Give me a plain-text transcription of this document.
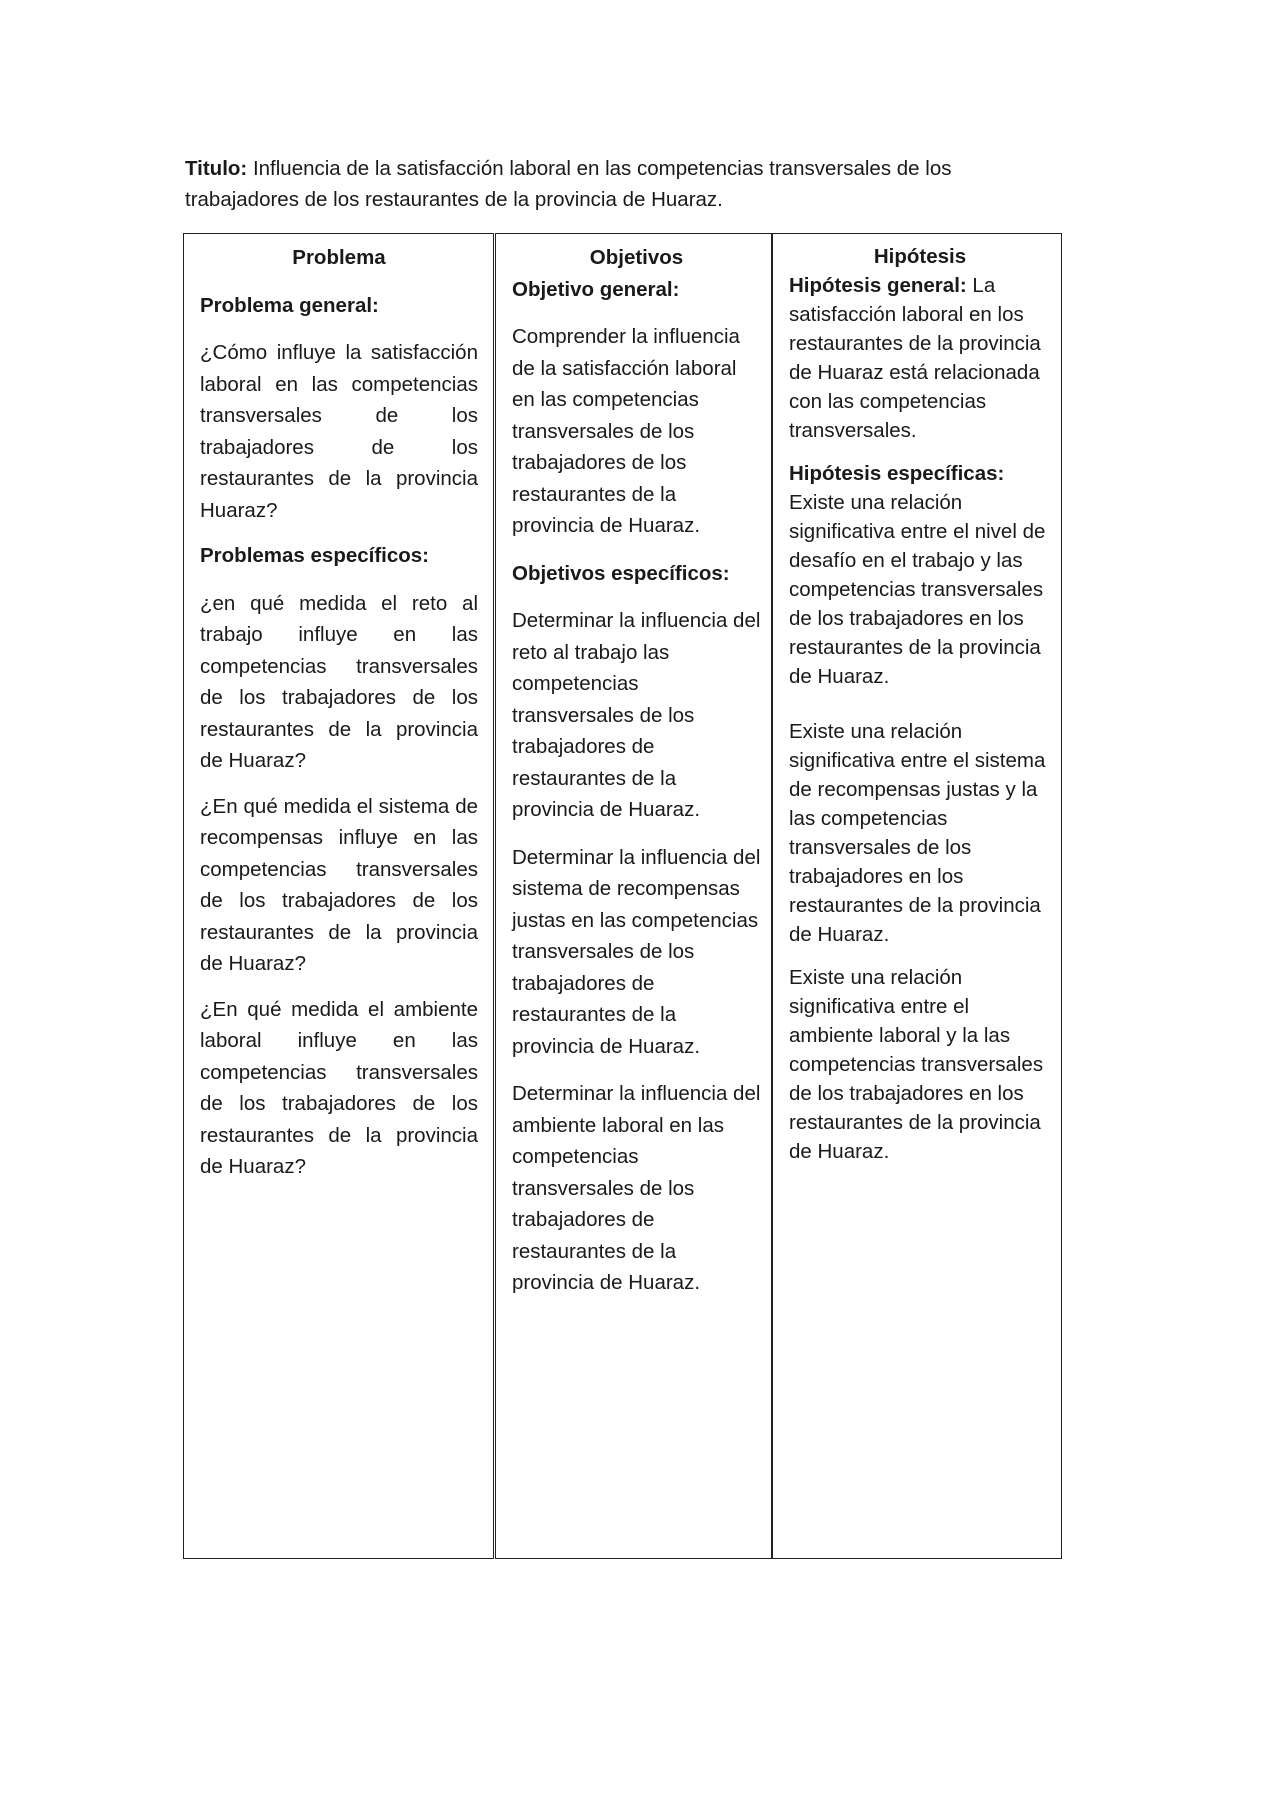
Titulo: Influencia de la satisfacción laboral en las competencias transversales de los trabajadores de los restaurantes de la provincia de Huaraz.

Problema

Problema general:

¿Cómo influye la satisfacción laboral en las competencias transversales de los trabajadores de los restaurantes de la provincia Huaraz?

Problemas específicos:

¿en qué medida el reto al trabajo influye en las competencias transversales de los trabajadores de los restaurantes de la provincia de Huaraz?

¿En qué medida el sistema de recompensas influye en las competencias transversales de los trabajadores de los restaurantes de la provincia de Huaraz?

¿En qué medida el ambiente laboral influye en las competencias transversales de los trabajadores de los restaurantes de la provincia de Huaraz?

Objetivos

Objetivo general:

Comprender la influencia de la satisfacción laboral en las competencias transversales de los trabajadores de los restaurantes de la provincia de Huaraz.

Objetivos específicos:

Determinar la influencia del reto al trabajo las competencias transversales de los trabajadores de restaurantes de la provincia de Huaraz.

Determinar la influencia del sistema de recompensas justas en las competencias transversales de los trabajadores de restaurantes de la provincia de Huaraz.

Determinar la influencia del ambiente laboral en las competencias transversales de los trabajadores de restaurantes de la provincia de Huaraz.

Hipótesis

Hipótesis general: La satisfacción laboral en los restaurantes de la provincia de Huaraz está relacionada con las competencias transversales.

Hipótesis específicas:

Existe una relación significativa entre el nivel de desafío en el trabajo y las competencias transversales de los trabajadores en los restaurantes de la provincia de Huaraz.

Existe una relación significativa entre el sistema de recompensas justas y la las competencias transversales de los trabajadores en los restaurantes de la provincia de Huaraz.

Existe una relación significativa entre el ambiente laboral y la las competencias transversales de los trabajadores en los restaurantes de la provincia de Huaraz.
